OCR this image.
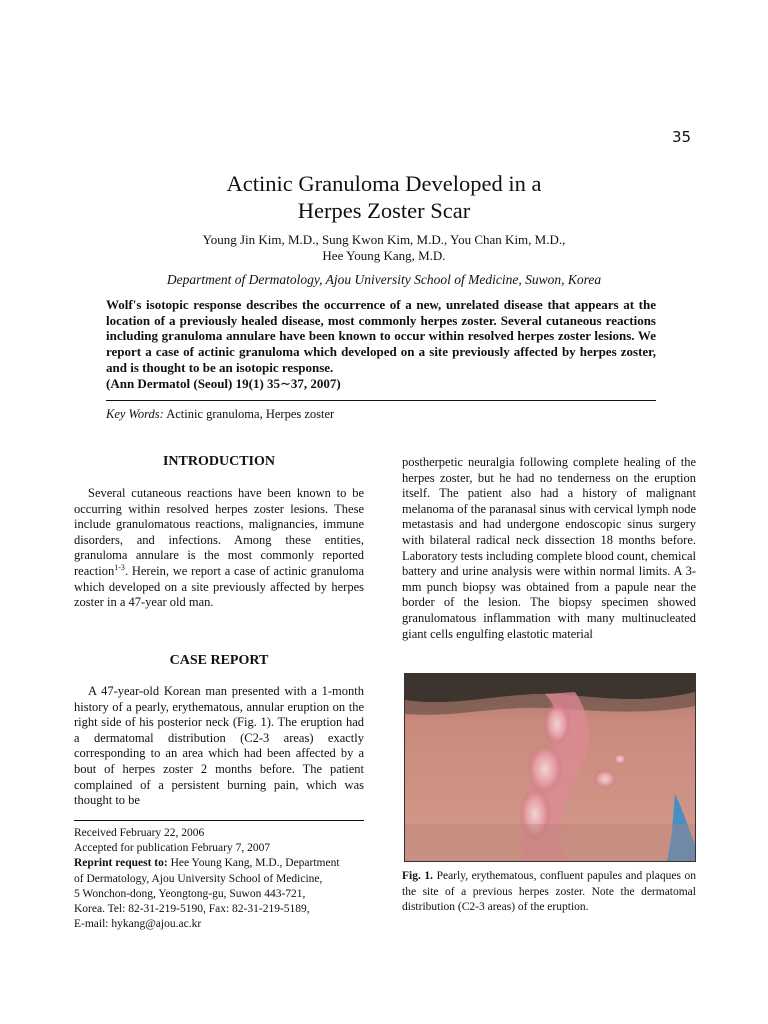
35
Actinic Granuloma Developed in a
Herpes Zoster Scar
Young Jin Kim, M.D., Sung Kwon Kim, M.D., You Chan Kim, M.D.,
Hee Young Kang, M.D.
Department of Dermatology, Ajou University School of Medicine, Suwon, Korea

Wolf's isotopic response describes the occurrence of a new, unrelated disease that appears at the location of a previously healed disease, most commonly herpes zoster. Several cutaneous reactions including granuloma annulare have been known to occur within resolved herpes zoster lesions. We report a case of actinic granuloma which developed on a site previously affected by herpes zoster, and is thought to be an isotopic response.

(Ann Dermatol (Seoul) 19(1) 35∼37, 2007)

Key Words: Actinic granuloma, Herpes zoster
INTRODUCTION

Several cutaneous reactions have been known to be occurring within resolved herpes zoster lesions. These include granulomatous reactions, malignancies, immune disorders, and infections. Among these entities, granuloma annulare is the most commonly reported reaction$^{1-3}$. Herein, we report a case of actinic granuloma which developed on a site previously affected by herpes zoster in a 47-year old man.

CASE REPORT

A 47-year-old Korean man presented with a 1-month history of a pearly, erythematous, annular eruption on the right side of his posterior neck (Fig. 1). The eruption had a dermatomal distribution (C2-3 areas) exactly corresponding to an area which had been affected by a bout of herpes zoster 2 months before. The patient complained of a persistent burning pain, which was thought to be

Received February 22, 2006
Accepted for publication February 7, 2007
Reprint request to: Hee Young Kang, M.D., Department
of Dermatology, Ajou University School of Medicine,
5 Wonchon-dong, Yeongtong-gu, Suwon 443-721,
Korea. Tel: 82-31-219-5190, Fax: 82-31-219-5189,
E-mail: hykang@ajou.ac.kr

postherpetic neuralgia following complete healing of the herpes zoster, but he had no tenderness on the eruption itself. The patient also had a history of malignant melanoma of the paranasal sinus with cervical lymph node metastasis and had undergone endoscopic sinus surgery with bilateral radical neck dissection 18 months before. Laboratory tests including complete blood count, chemical battery and urine analysis were within normal limits. A 3-mm punch biopsy was obtained from a papule near the border of the lesion. The biopsy specimen showed granulomatous inflammation with many multinucleated giant cells engulfing elastotic material

Fig. 1. Pearly, erythematous, confluent papules and plaques on the site of a previous herpes zoster. Note the dermatomal distribution (C2-3 areas) of the eruption.
